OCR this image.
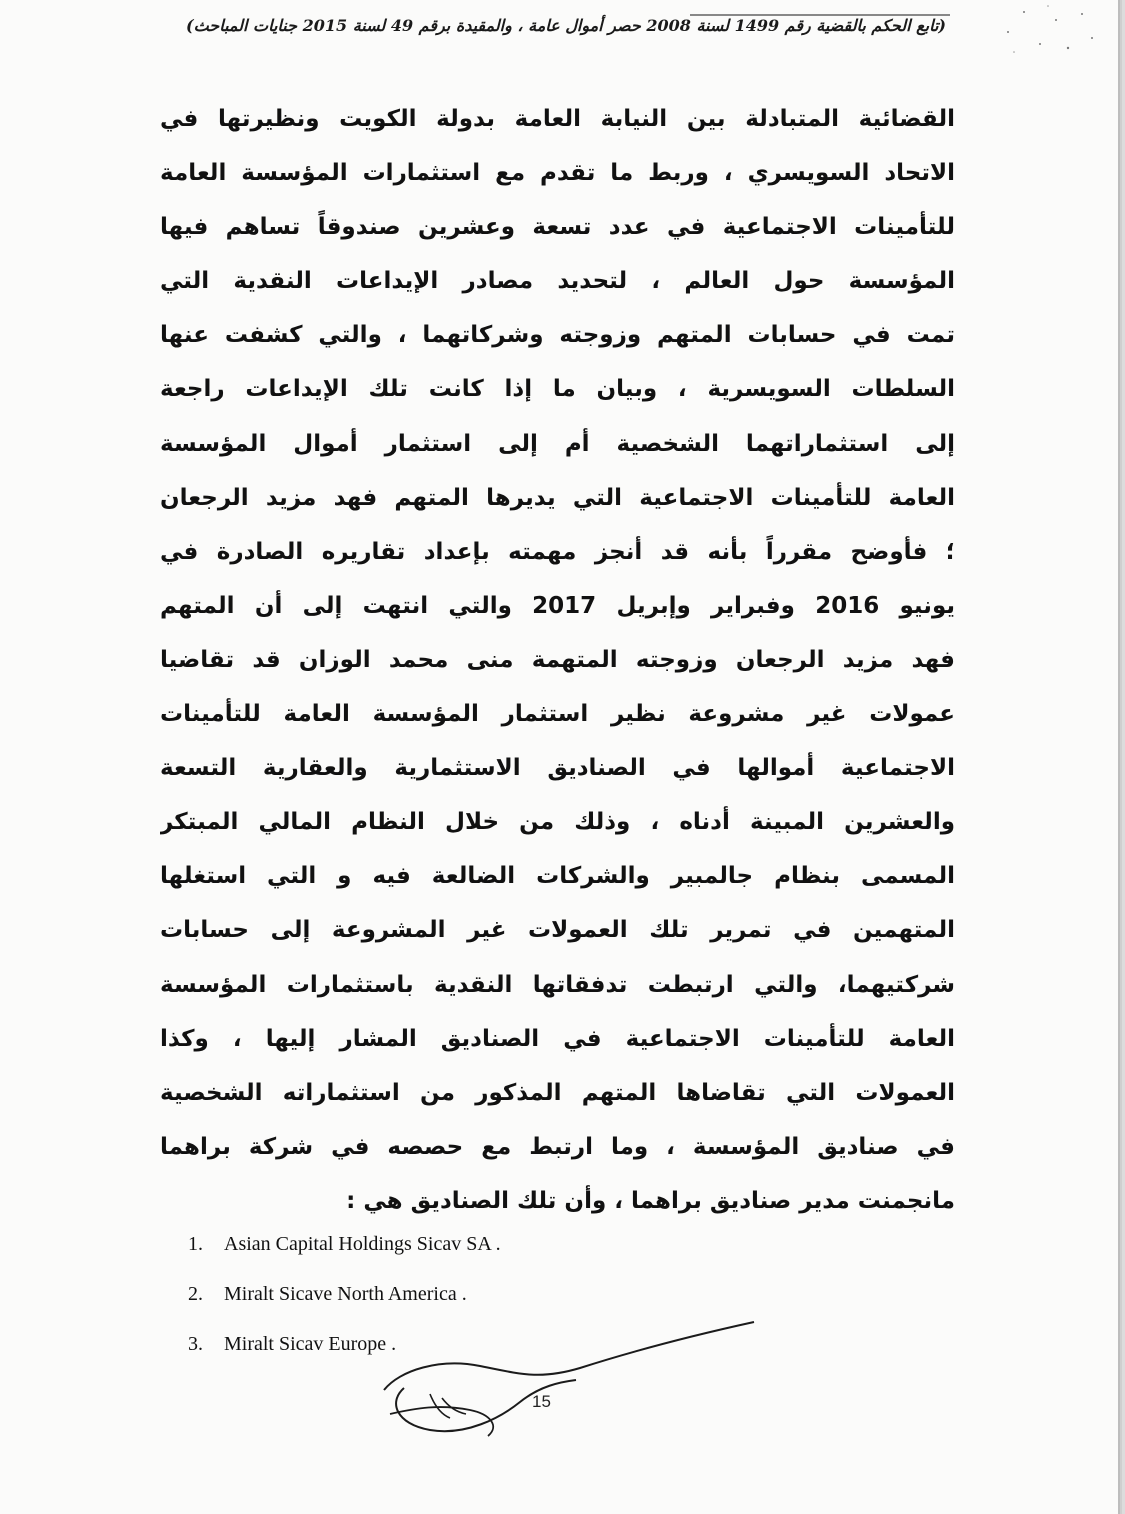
(تابع الحكم بالقضية رقم 1499 لسنة 2008 حصر أموال عامة ، والمقيدة برقم 49 لسنة 2015 جنايات المباحث)
القضائية المتبادلة بين النيابة العامة بدولة الكويت ونظيرتها في
الاتحاد السويسري ، وربط ما تقدم مع استثمارات المؤسسة العامة
للتأمينات الاجتماعية في عدد تسعة وعشرين صندوقاً تساهم فيها
المؤسسة حول العالم ، لتحديد مصادر الإيداعات النقدية التي
تمت في حسابات المتهم وزوجته وشركاتهما ، والتي كشفت عنها
السلطات السويسرية ، وبيان ما إذا كانت تلك الإيداعات راجعة
إلى استثماراتهما الشخصية أم إلى استثمار أموال المؤسسة
العامة للتأمينات الاجتماعية التي يديرها المتهم فهد مزيد الرجعان
؛ فأوضح مقرراً بأنه قد أنجز مهمته بإعداد تقاريره الصادرة في
يونيو 2016 وفبراير وإبريل 2017 والتي انتهت إلى أن المتهم
فهد مزيد الرجعان وزوجته المتهمة منى محمد الوزان قد تقاضيا
عمولات غير مشروعة نظير استثمار المؤسسة العامة للتأمينات
الاجتماعية أموالها في الصناديق الاستثمارية والعقارية التسعة
والعشرين المبينة أدناه ، وذلك من خلال النظام المالي المبتكر
المسمى بنظام جالمبير والشركات الضالعة فيه و التي استغلها
المتهمين في تمرير تلك العمولات غير المشروعة إلى حسابات
شركتيهما، والتي ارتبطت تدفقاتها النقدية باستثمارات المؤسسة
العامة للتأمينات الاجتماعية في الصناديق المشار إليها ، وكذا
العمولات التي تقاضاها المتهم المذكور من استثماراته الشخصية
في صناديق المؤسسة ، وما ارتبط مع حصصه في شركة براهما
مانجمنت مدير صناديق براهما ، وأن تلك الصناديق هي :
1.	Asian Capital Holdings Sicav SA .
2.	Miralt Sicave North America .
3.	Miralt Sicav Europe .
15
